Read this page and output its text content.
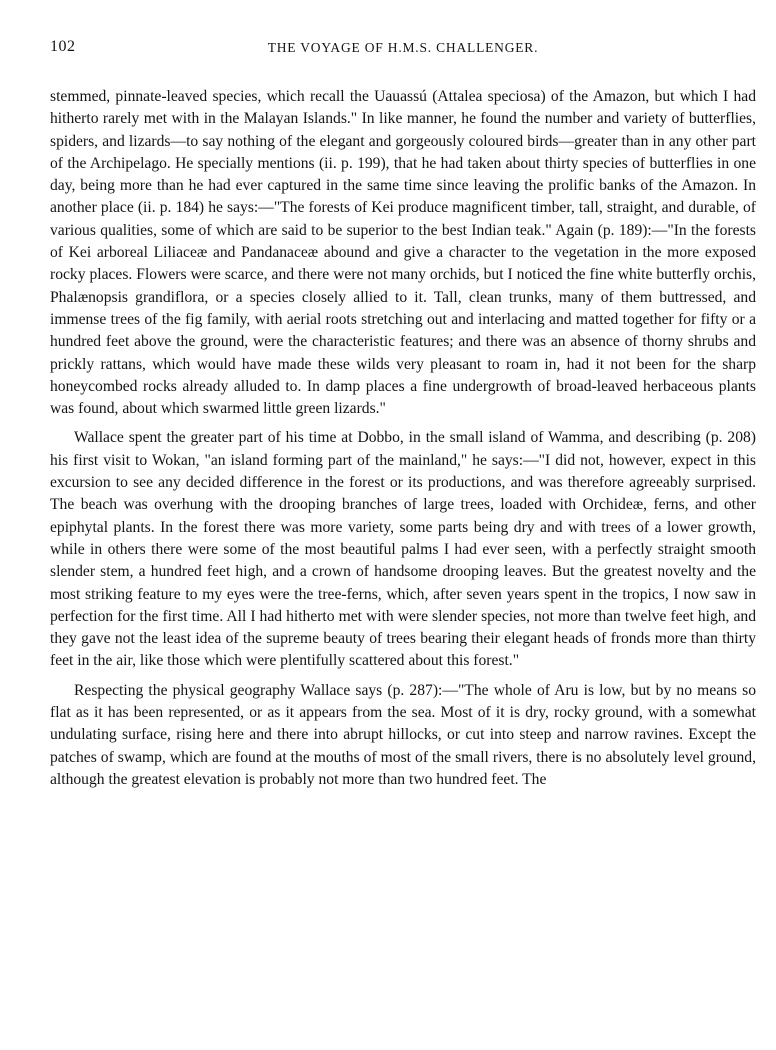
102	THE VOYAGE OF H.M.S. CHALLENGER.

stemmed, pinnate-leaved species, which recall the Uauassú (Attalea speciosa) of the Amazon, but which I had hitherto rarely met with in the Malayan Islands." In like manner, he found the number and variety of butterflies, spiders, and lizards—to say nothing of the elegant and gorgeously coloured birds—greater than in any other part of the Archipelago. He specially mentions (ii. p. 199), that he had taken about thirty species of butterflies in one day, being more than he had ever captured in the same time since leaving the prolific banks of the Amazon. In another place (ii. p. 184) he says:—"The forests of Kei produce magnificent timber, tall, straight, and durable, of various qualities, some of which are said to be superior to the best Indian teak." Again (p. 189):—"In the forests of Kei arboreal Liliaceæ and Pandanaceæ abound and give a character to the vegetation in the more exposed rocky places. Flowers were scarce, and there were not many orchids, but I noticed the fine white butterfly orchis, Phalænopsis grandiflora, or a species closely allied to it. Tall, clean trunks, many of them buttressed, and immense trees of the fig family, with aerial roots stretching out and interlacing and matted together for fifty or a hundred feet above the ground, were the characteristic features; and there was an absence of thorny shrubs and prickly rattans, which would have made these wilds very pleasant to roam in, had it not been for the sharp honeycombed rocks already alluded to. In damp places a fine undergrowth of broad-leaved herbaceous plants was found, about which swarmed little green lizards."

Wallace spent the greater part of his time at Dobbo, in the small island of Wamma, and describing (p. 208) his first visit to Wokan, "an island forming part of the mainland," he says:—"I did not, however, expect in this excursion to see any decided difference in the forest or its productions, and was therefore agreeably surprised. The beach was overhung with the drooping branches of large trees, loaded with Orchideæ, ferns, and other epiphytal plants. In the forest there was more variety, some parts being dry and with trees of a lower growth, while in others there were some of the most beautiful palms I had ever seen, with a perfectly straight smooth slender stem, a hundred feet high, and a crown of handsome drooping leaves. But the greatest novelty and the most striking feature to my eyes were the tree-ferns, which, after seven years spent in the tropics, I now saw in perfection for the first time. All I had hitherto met with were slender species, not more than twelve feet high, and they gave not the least idea of the supreme beauty of trees bearing their elegant heads of fronds more than thirty feet in the air, like those which were plentifully scattered about this forest."

Respecting the physical geography Wallace says (p. 287):—"The whole of Aru is low, but by no means so flat as it has been represented, or as it appears from the sea. Most of it is dry, rocky ground, with a somewhat undulating surface, rising here and there into abrupt hillocks, or cut into steep and narrow ravines. Except the patches of swamp, which are found at the mouths of most of the small rivers, there is no absolutely level ground, although the greatest elevation is probably not more than two hundred feet. The
